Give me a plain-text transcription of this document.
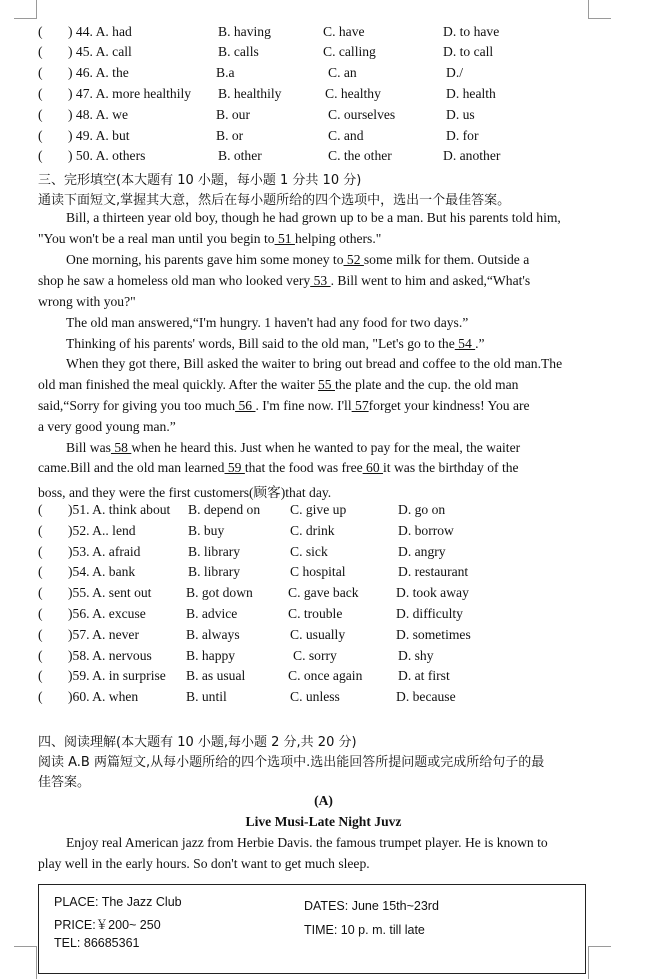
( ) 44. A. had	B. having	C. have	D. to have
( ) 45. A. call	B. calls	C. calling	D. to call
( ) 46. A. the	B.a	C. an	D./
( ) 47. A. more healthily B. healthily	C. healthy	D. health
( ) 48. A. we	B. our	C. ourselves	D. us
( ) 49. A. but	B. or	C. and	D. for
( ) 50. A. others	B. other	C. the other	D. another
三、完形填空(本大题有 10 小题，每小题 1 分共 10 分)
通读下面短文,掌握其大意，然后在每小题所给的四个选项中，选出一个最佳答案。
Bill, a thirteen year old boy, though he had grown up to be a man. But his parents told him,
"You won't be a real man until you begin to 51 helping others."
One morning, his parents gave him some money to 52 some milk for them. Outside a
shop he saw a homeless old man who looked very 53 . Bill went to him and asked,“What's
wrong with you?"
The old man answered,“I'm hungry. 1 haven't had any food for two days.”
Thinking of his parents' words, Bill said to the old man, "Let's go to the 54 .”
When they got there, Bill asked the waiter to bring out bread and coffee to the old man.The
old man finished the meal quickly. After the waiter 55 the plate and the cup. the old man
said,“Sorry for giving you too much 56 . I'm fine now. I'll 57forget your kindness! You are
a very good young man.”
Bill was 58 when he heard this. Just when he wanted to pay for the meal, the waiter
came.Bill and the old man learned 59 that the food was free 60 it was the birthday of the
boss, and they were the first customers(顾客)that day.
( )51. A. think about B. depend on C. give up	D. go on
( )52. A.. lend	B. buy	C. drink	D. borrow
( )53. A. afraid	B. library	C. sick	D. angry
( )54. A. bank	B. library	C hospital	D. restaurant
( )55. A. sent out	B. got down	C. gave back	D. took away
( )56. A. excuse	B. advice	C. trouble	D. difficulty
( )57. A. never	B. always	C. usually	D. sometimes
( )58. A. nervous	B. happy	C. sorry	D. shy
( )59. A. in surprise B. as usual	C. once again	D. at first
( )60. A. when	B. until	C. unless	D. because
四、阅读理解(本大题有 10 小题,每小题 2 分,共 20 分)
阅读 A.B 两篇短文,从每小题所给的四个选项中.选出能回答所提问题或完成所给句子的最
佳答案。
(A)
Live Musi-Late Night Juvz
Enjoy real American jazz from Herbie Davis. the famous trumpet player. He is known to
play well in the early hours. So don't want to get much sleep.
PLACE: The Jazz Club
PRICE:￥200~ 250
TEL: 86685361
DATES: June 15th~23rd
TIME: 10 p. m. till late
